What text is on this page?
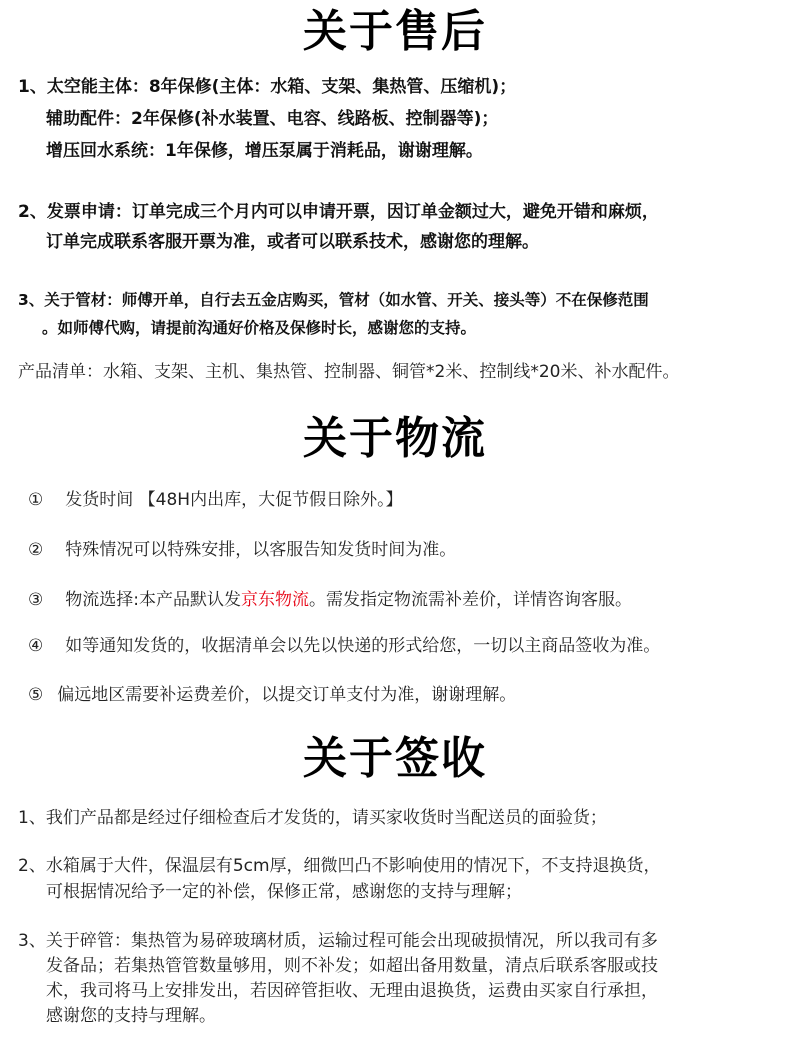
关于售后
1、太空能主体：8年保修(主体：水箱、支架、集热管、压缩机)；
辅助配件：2年保修(补水装置、电容、线路板、控制器等)；
增压回水系统：1年保修，增压泵属于消耗品，谢谢理解。
2、发票申请：订单完成三个月内可以申请开票，因订单金额过大，避免开错和麻烦，
订单完成联系客服开票为准，或者可以联系技术，感谢您的理解。
3、关于管材：师傅开单，自行去五金店购买，管材（如水管、开关、接头等）不在保修范围
。如师傅代购，请提前沟通好价格及保修时长，感谢您的支持。
产品清单：水箱、支架、主机、集热管、控制器、铜管*2米、控制线*20米、补水配件。
关于物流
① 发货时间 【48H内出库，大促节假日除外。】
② 特殊情况可以特殊安排，以客服告知发货时间为准。
③ 物流选择:本产品默认发京东物流。需发指定物流需补差价，详情咨询客服。
④ 如等通知发货的，收据清单会以先以快递的形式给您，一切以主商品签收为准。
⑤ 偏远地区需要补运费差价，以提交订单支付为准，谢谢理解。
关于签收
1、我们产品都是经过仔细检查后才发货的，请买家收货时当配送员的面验货；
2、水箱属于大件，保温层有5cm厚，细微凹凸不影响使用的情况下，不支持退换货，
可根据情况给予一定的补偿，保修正常，感谢您的支持与理解；
3、关于碎管：集热管为易碎玻璃材质，运输过程可能会出现破损情况，所以我司有多
发备品；若集热管管数量够用，则不补发；如超出备用数量，清点后联系客服或技
术，我司将马上安排发出，若因碎管拒收、无理由退换货，运费由买家自行承担，
感谢您的支持与理解。
